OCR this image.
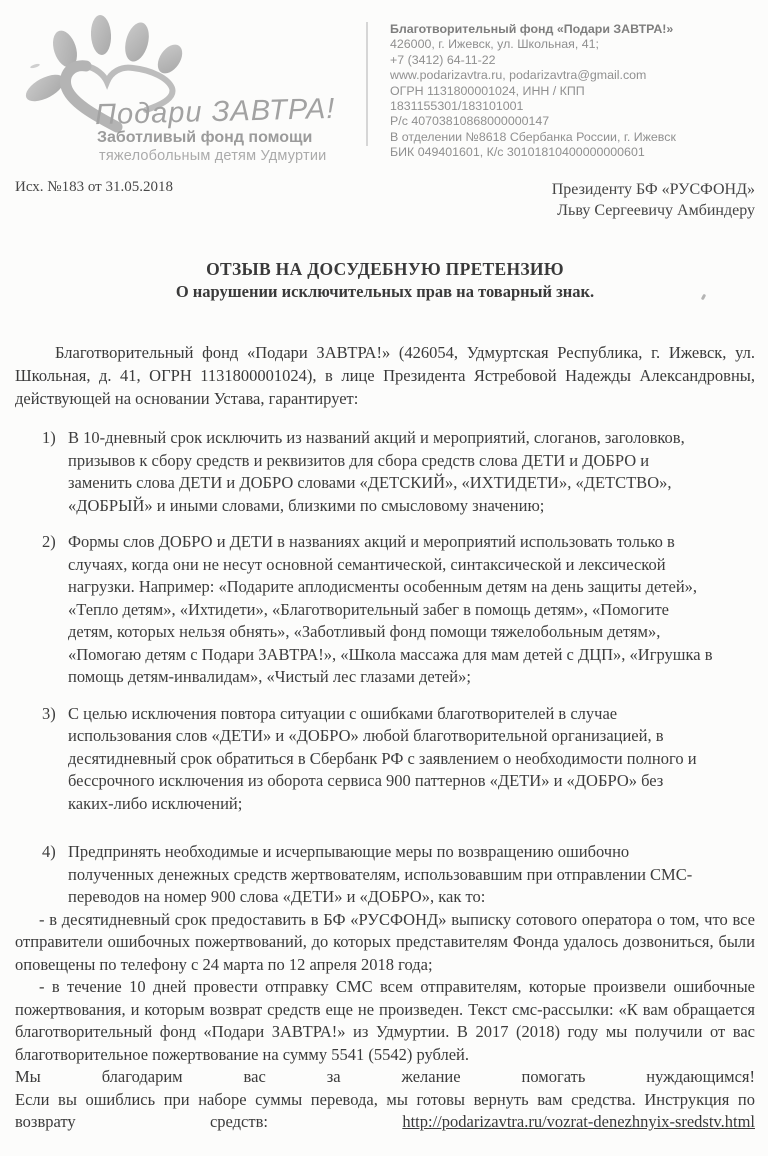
Подари ЗАВТРА!
Заботливый фонд помощи
тяжелобольным детям Удмуртии
Благотворительный фонд «Подари ЗАВТРА!»
426000, г. Ижевск, ул. Школьная, 41;
+7 (3412) 64-11-22
www.podarizavtra.ru, podarizavtra@gmail.com
ОГРН 1131800001024, ИНН / КПП
1831155301/183101001
Р/с 40703810868000000147
В отделении №8618 Сбербанка России, г. Ижевск
БИК 049401601, К/с 30101810400000000601
Исх. №183 от 31.05.2018	Президенту БФ «РУСФОНД»
Льву Сергеевичу Амбиндеру
ОТЗЫВ НА ДОСУДЕБНУЮ ПРЕТЕНЗИЮ
О нарушении исключительных прав на товарный знак.
Благотворительный фонд «Подари ЗАВТРА!» (426054, Удмуртская Республика, г. Ижевск, ул. Школьная, д. 41, ОГРН 1131800001024), в лице Президента Ястребовой Надежды Александровны, действующей на основании Устава, гарантирует:
1) В 10-дневный срок исключить из названий акций и мероприятий, слоганов, заголовков, призывов к сбору средств и реквизитов для сбора средств слова ДЕТИ и ДОБРО и заменить слова ДЕТИ и ДОБРО словами «ДЕТСКИЙ», «ИХТИДЕТИ», «ДЕТСТВО», «ДОБРЫЙ» и иными словами, близкими по смысловому значению;
2) Формы слов ДОБРО и ДЕТИ в названиях акций и мероприятий использовать только в случаях, когда они не несут основной семантической, синтаксической и лексической нагрузки. Например: «Подарите аплодисменты особенным детям на день защиты детей», «Тепло детям», «Ихтидети», «Благотворительный забег в помощь детям», «Помогите детям, которых нельзя обнять», «Заботливый фонд помощи тяжелобольным детям», «Помогаю детям с Подари ЗАВТРА!», «Школа массажа для мам детей с ДЦП», «Игрушка в помощь детям-инвалидам», «Чистый лес глазами детей»;
3) С целью исключения повтора ситуации с ошибками благотворителей в случае использования слов «ДЕТИ» и «ДОБРО» любой благотворительной организацией, в десятидневный срок обратиться в Сбербанк РФ с заявлением о необходимости полного и бессрочного исключения из оборота сервиса 900 паттернов «ДЕТИ» и «ДОБРО» без каких-либо исключений;
4) Предпринять необходимые и исчерпывающие меры по возвращению ошибочно полученных денежных средств жертвователям, использовавшим при отправлении СМС-переводов на номер 900 слова «ДЕТИ» и «ДОБРО», как то:

- в десятидневный срок предоставить в БФ «РУСФОНД» выписку сотового оператора о том, что все отправители ошибочных пожертвований, до которых представителям Фонда удалось дозвониться, были оповещены по телефону с 24 марта по 12 апреля 2018 года;

- в течение 10 дней провести отправку СМС всем отправителям, которые произвели ошибочные пожертвования, и которым возврат средств еще не произведен. Текст смс-рассылки: «К вам обращается благотворительный фонд «Подари ЗАВТРА!» из Удмуртии. В 2017 (2018) году мы получили от вас благотворительное пожертвование на сумму 5541 (5542) рублей.

Мы благодарим вас за желание помогать нуждающимся!

Если вы ошиблись при наборе суммы перевода, мы готовы вернуть вам средства. Инструкция по возврату средств:	http://podarizavtra.ru/vozrat-denezhnyix-sredstv.html
